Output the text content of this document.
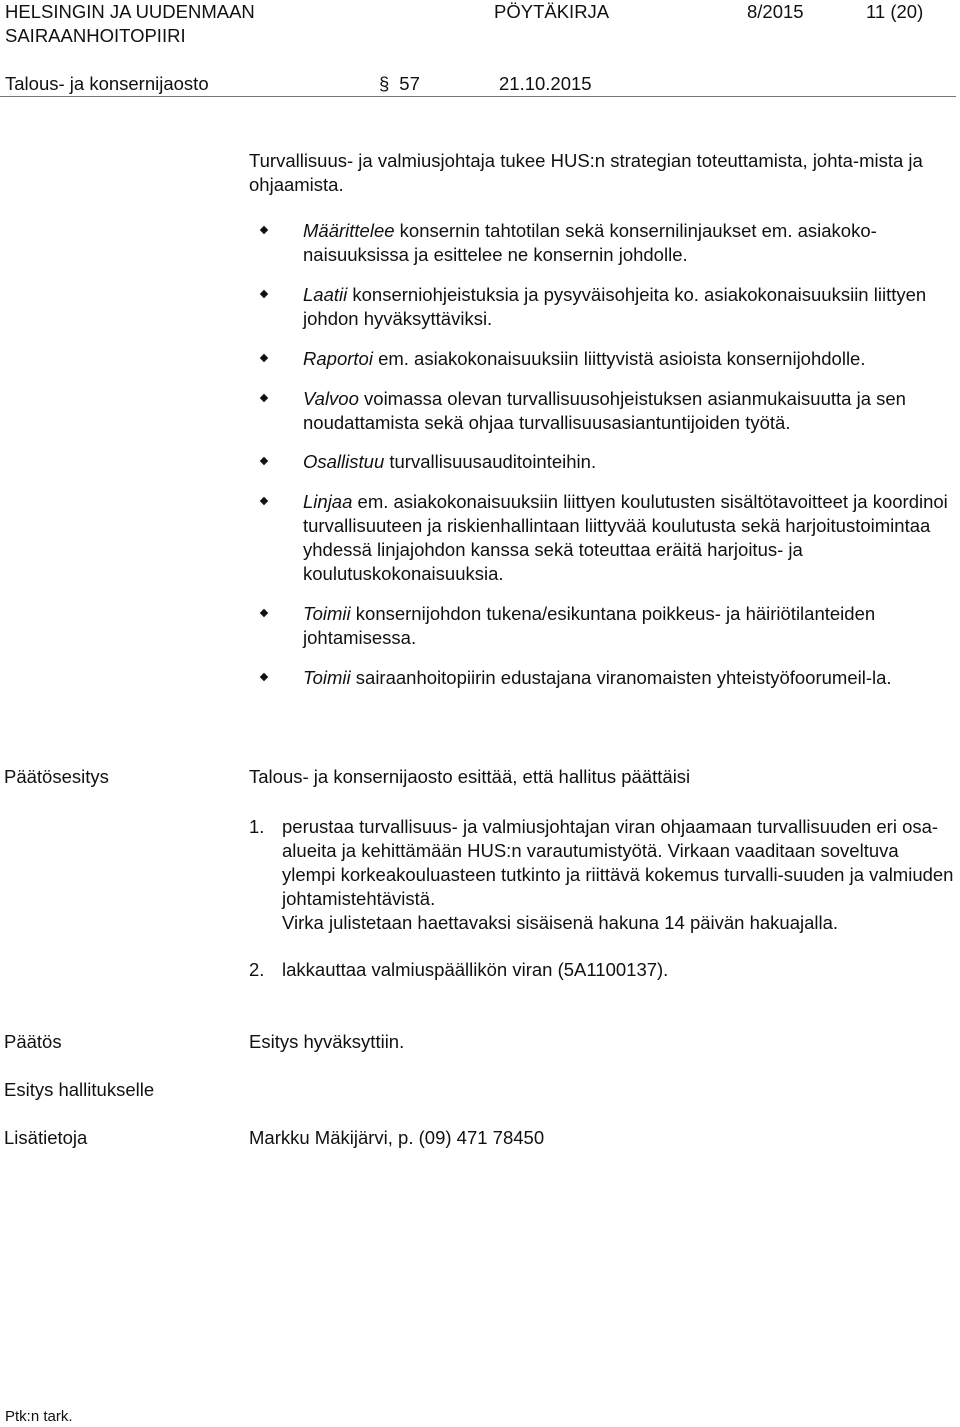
HELSINGIN JA UUDENMAAN SAIRAANHOITOPIIRI
PÖYTÄKIRJA	8/2015	11 (20)
Talous- ja konsernijaosto	§ 57	21.10.2015
Turvallisuus- ja valmiusjohtaja tukee HUS:n strategian toteuttamista, johta-mista ja ohjaamista.
Määrittelee konsernin tahtotilan sekä konsernilinjaukset em. asiakoko-naisuuksissa ja esittelee ne konsernin johdolle.
Laatii konserniohjeistuksia ja pysyväisohjeita ko. asiakokonaisuuksiin liittyen johdon hyväksyttäviksi.
Raportoi em. asiakokonaisuuksiin liittyvistä asioista konsernijohdolle.
Valvoo voimassa olevan turvallisuusohjeistuksen asianmukaisuutta ja sen noudattamista sekä ohjaa turvallisuusasiantuntijoiden työtä.
Osallistuu turvallisuusauditointeihin.
Linjaa em. asiakokonaisuuksiin liittyen koulutusten sisältötavoitteet ja koordinoi turvallisuuteen ja riskienhallintaan liittyvää koulutusta sekä harjoitustoimintaa yhdessä linjajohdon kanssa sekä toteuttaa eräitä harjoitus- ja koulutuskokonaisuuksia.
Toimii konsernijohdon tukena/esikuntana poikkeus- ja häiriötilanteiden johtamisessa.
Toimii sairaanhoitopiirin edustajana viranomaisten yhteistyöfoorumeil-la.
Päätösesitys	Talous- ja konsernijaosto esittää, että hallitus päättäisi
1. perustaa turvallisuus- ja valmiusjohtajan viran ohjaamaan turvallisuuden eri osa-alueita ja kehittämään HUS:n varautumistyötä. Virkaan vaaditaan soveltuva ylempi korkeakouluasteen tutkinto ja riittävä kokemus turvalli-suuden ja valmiuden johtamistehtävistä.
Virka julistetaan haettavaksi sisäisenä hakuna 14 päivän hakuajalla.
2. lakkauttaa valmiuspäällikön viran (5A1100137).
Päätös	Esitys hyväksyttiin.
Esitys hallitukselle
Lisätietoja	Markku Mäkijärvi, p. (09) 471 78450
Ptk:n tark.
